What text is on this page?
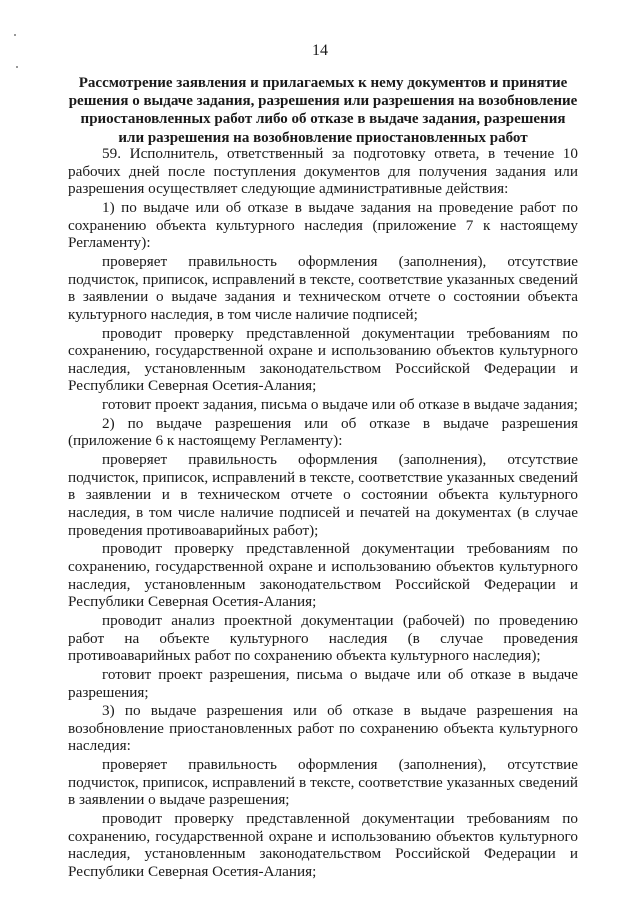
14
Рассмотрение заявления и прилагаемых к нему документов и принятие решения о выдаче задания, разрешения или разрешения на возобновление приостановленных работ либо об отказе в выдаче задания, разрешения или разрешения на возобновление приостановленных работ

59. Исполнитель, ответственный за подготовку ответа, в течение 10 рабочих дней после поступления документов для получения задания или разрешения осуществляет следующие административные действия:

1) по выдаче или об отказе в выдаче задания на проведение работ по сохранению объекта культурного наследия (приложение 7 к настоящему Регламенту):

проверяет правильность оформления (заполнения), отсутствие подчисток, приписок, исправлений в тексте, соответствие указанных сведений в заявлении о выдаче задания и техническом отчете о состоянии объекта культурного наследия, в том числе наличие подписей;

проводит проверку представленной документации требованиям по сохранению, государственной охране и использованию объектов культурного наследия, установленным законодательством Российской Федерации и Республики Северная Осетия-Алания;

готовит проект задания, письма о выдаче или об отказе в выдаче задания;

2) по выдаче разрешения или об отказе в выдаче разрешения (приложение 6 к настоящему Регламенту):

проверяет правильность оформления (заполнения), отсутствие подчисток, приписок, исправлений в тексте, соответствие указанных сведений в заявлении и в техническом отчете о состоянии объекта культурного наследия, в том числе наличие подписей и печатей на документах (в случае проведения противоаварийных работ);

проводит проверку представленной документации требованиям по сохранению, государственной охране и использованию объектов культурного наследия, установленным законодательством Российской Федерации и Республики Северная Осетия-Алания;

проводит анализ проектной документации (рабочей) по проведению работ на объекте культурного наследия (в случае проведения противоаварийных работ по сохранению объекта культурного наследия);

готовит проект разрешения, письма о выдаче или об отказе в выдаче разрешения;

3) по выдаче разрешения или об отказе в выдаче разрешения на возобновление приостановленных работ по сохранению объекта культурного наследия:

проверяет правильность оформления (заполнения), отсутствие подчисток, приписок, исправлений в тексте, соответствие указанных сведений в заявлении о выдаче разрешения;

проводит проверку представленной документации требованиям по сохранению, государственной охране и использованию объектов культурного наследия, установленным законодательством Российской Федерации и Республики Северная Осетия-Алания;
